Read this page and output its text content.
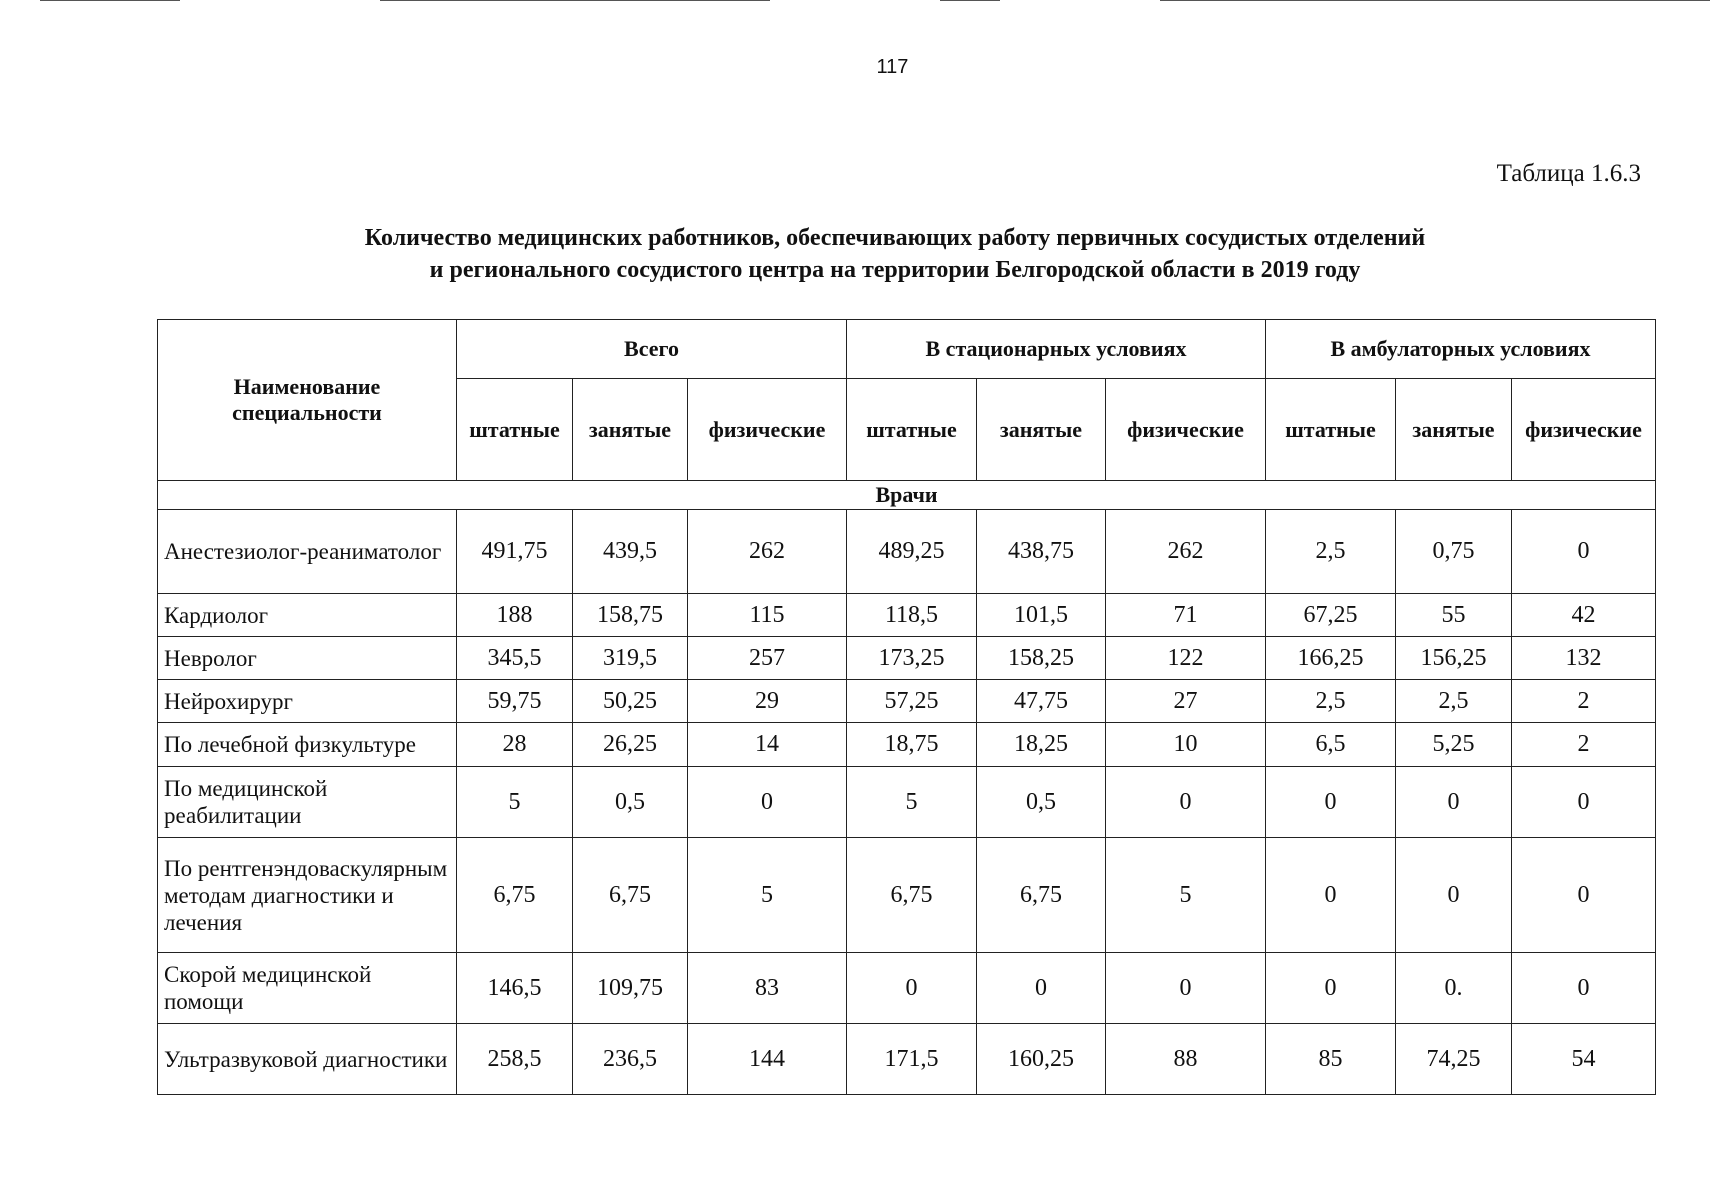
117
Таблица 1.6.3
Количество медицинских работников, обеспечивающих работу первичных сосудистых отделений
и регионального сосудистого центра на территории Белгородской области в 2019 году
Наименование специальности	Всего			В стационарных условиях			В амбулаторных условиях		
	штатные	занятые	физические	штатные	занятые	физические	штатные	занятые	физические
Врачи									
Анестезиолог-реаниматолог	491,75	439,5	262	489,25	438,75	262	2,5	0,75	0
Кардиолог	188	158,75	115	118,5	101,5	71	67,25	55	42
Невролог	345,5	319,5	257	173,25	158,25	122	166,25	156,25	132
Нейрохирург	59,75	50,25	29	57,25	47,75	27	2,5	2,5	2
По лечебной физкультуре	28	26,25	14	18,75	18,25	10	6,5	5,25	2
По медицинской реабилитации	5	0,5	0	5	0,5	0	0	0	0
По рентгенэндоваскулярным методам диагностики и лечения	6,75	6,75	5	6,75	6,75	5	0	0	0
Скорой медицинской помощи	146,5	109,75	83	0	0	0	0	0.	0
Ультразвуковой диагностики	258,5	236,5	144	171,5	160,25	88	85	74,25	54
